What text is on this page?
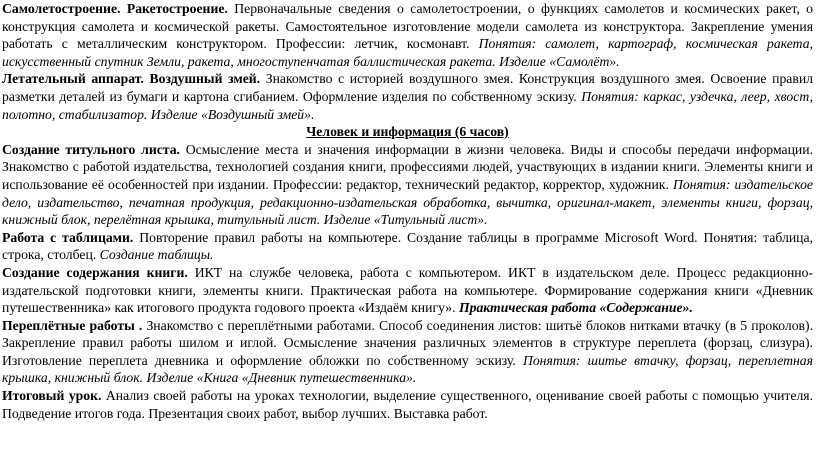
Самолетостроение. Ракетостроение. Первоначальные сведения о самолетостроении, о функциях самолетов и космических ракет, о конструкция самолета и космической ракеты. Самостоятельное изготовление модели самолета из конструктора. Закрепление умения работать с металлическим конструктором. Профессии: летчик, космонавт. Понятия: самолет, картограф, космическая ракета, искусственный спутник Земли, ракета, многоступенчатая баллистическая ракета. Изделие «Самолёт».

Летательный аппарат. Воздушный змей. Знакомство с историей воздушного змея. Конструкция воздушного змея. Освоение правил разметки деталей из бумаги и картона сгибанием. Оформление изделия по собственному эскизу. Понятия: каркас, уздечка, леер, хвост, полотно, стабилизатор. Изделие «Воздушный змей».

Человек и информация (6 часов)

Создание титульного листа. Осмысление места и значения информации в жизни человека. Виды и способы передачи информации. Знакомство с работой издательства, технологией создания книги, профессиями людей, участвующих в издании книги. Элементы книги и использование её особенностей при издании. Профессии: редактор, технический редактор, корректор, художник. Понятия: издательское дело, издательство, печатная продукция, редакционно-издательская обработка, вычитка, оригинал-макет, элементы книги, форзац, книжный блок, перелётная крышка, титульный лист. Изделие «Титульный лист».

Работа с таблицами. Повторение правил работы на компьютере. Создание таблицы в программе Microsoft Word. Понятия: таблица, строка, столбец. Создание таблицы.

Создание содержания книги. ИКТ на службе человека, работа с компьютером. ИКТ в издательском деле. Процесс редакционно-издательской подготовки книги, элементы книги. Практическая работа на компьютере. Формирование содержания книги «Дневник путешественника» как итогового продукта годового проекта «Издаём книгу». Практическая работа «Содержание».

Переплётные работы . Знакомство с переплётными работами. Способ соединения листов: шитьё блоков нитками втачку (в 5 проколов). Закрепление правил работы шилом и иглой. Осмысление значения различных элементов в структуре переплета (форзац, слизура). Изготовление переплета дневника и оформление обложки по собственному эскизу. Понятия: шитье втачку, форзац, переплетная крышка, книжный блок. Изделие «Книга «Дневник путешественника».

Итоговый урок. Анализ своей работы на уроках технологии, выделение существенного, оценивание своей работы с помощью учителя. Подведение итогов года. Презентация своих работ, выбор лучших. Выставка работ.
